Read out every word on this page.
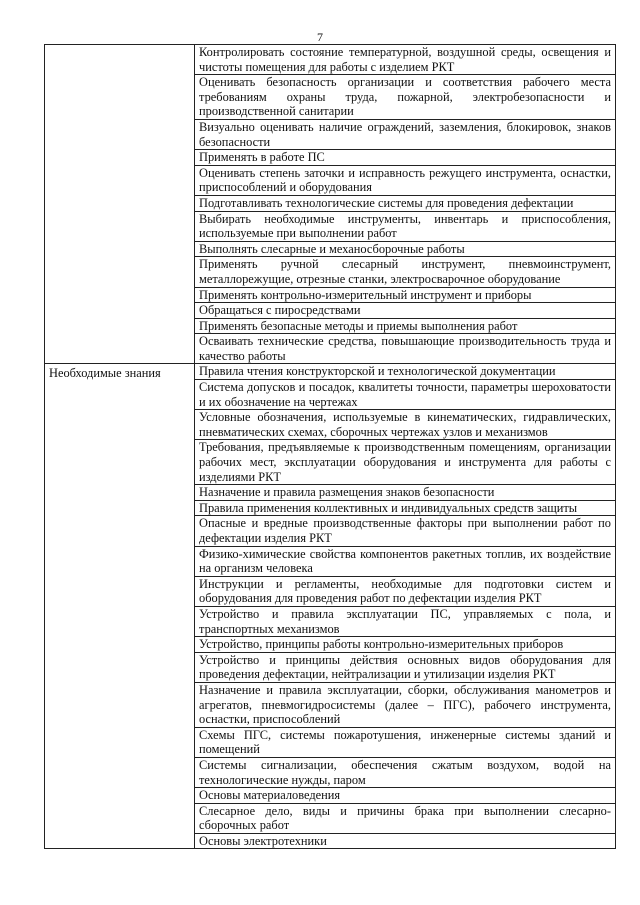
7

	Контролировать состояние температурной, воздушной среды, освещения и чистоты помещения для работы с изделием РКТ

	Оценивать безопасность организации и соответствия рабочего места требованиям охраны труда, пожарной, электробезопасности и производственной санитарии

	Визуально оценивать наличие ограждений, заземления, блокировок, знаков безопасности

	Применять в работе ПС

	Оценивать степень заточки и исправность режущего инструмента, оснастки, приспособлений и оборудования

	Подготавливать технологические системы для проведения дефектации

	Выбирать необходимые инструменты, инвентарь и приспособления, используемые при выполнении работ

	Выполнять слесарные и механосборочные работы

	Применять ручной слесарный инструмент, пневмоинструмент, металлорежущие, отрезные станки, электросварочное оборудование

	Применять контрольно-измерительный инструмент и приборы

	Обращаться с пиросредствами

	Применять безопасные методы и приемы выполнения работ

	Осваивать технические средства, повышающие производительность труда и качество работы

Необходимые знания	Правила чтения конструкторской и технологической документации

	Система допусков и посадок, квалитеты точности, параметры шероховатости и их обозначение на чертежах

	Условные обозначения, используемые в кинематических, гидравлических, пневматических схемах, сборочных чертежах узлов и механизмов

	Требования, предъявляемые к производственным помещениям, организации рабочих мест, эксплуатации оборудования и инструмента для работы с изделиями РКТ

	Назначение и правила размещения знаков безопасности

	Правила применения коллективных и индивидуальных средств защиты

	Опасные и вредные производственные факторы при выполнении работ по дефектации изделия РКТ

	Физико-химические свойства компонентов ракетных топлив, их воздействие на организм человека

	Инструкции и регламенты, необходимые для подготовки систем и оборудования для проведения работ по дефектации изделия РКТ

	Устройство и правила эксплуатации ПС, управляемых с пола, и транспортных механизмов

	Устройство, принципы работы контрольно-измерительных приборов

	Устройство и принципы действия основных видов оборудования для проведения дефектации, нейтрализации и утилизации изделия РКТ

	Назначение и правила эксплуатации, сборки, обслуживания манометров и агрегатов, пневмогидросистемы (далее – ПГС), рабочего инструмента, оснастки, приспособлений

	Схемы ПГС, системы пожаротушения, инженерные системы зданий и помещений

	Системы сигнализации, обеспечения сжатым воздухом, водой на технологические нужды, паром

	Основы материаловедения

	Слесарное дело, виды и причины брака при выполнении слесарно-сборочных работ

	Основы электротехники
